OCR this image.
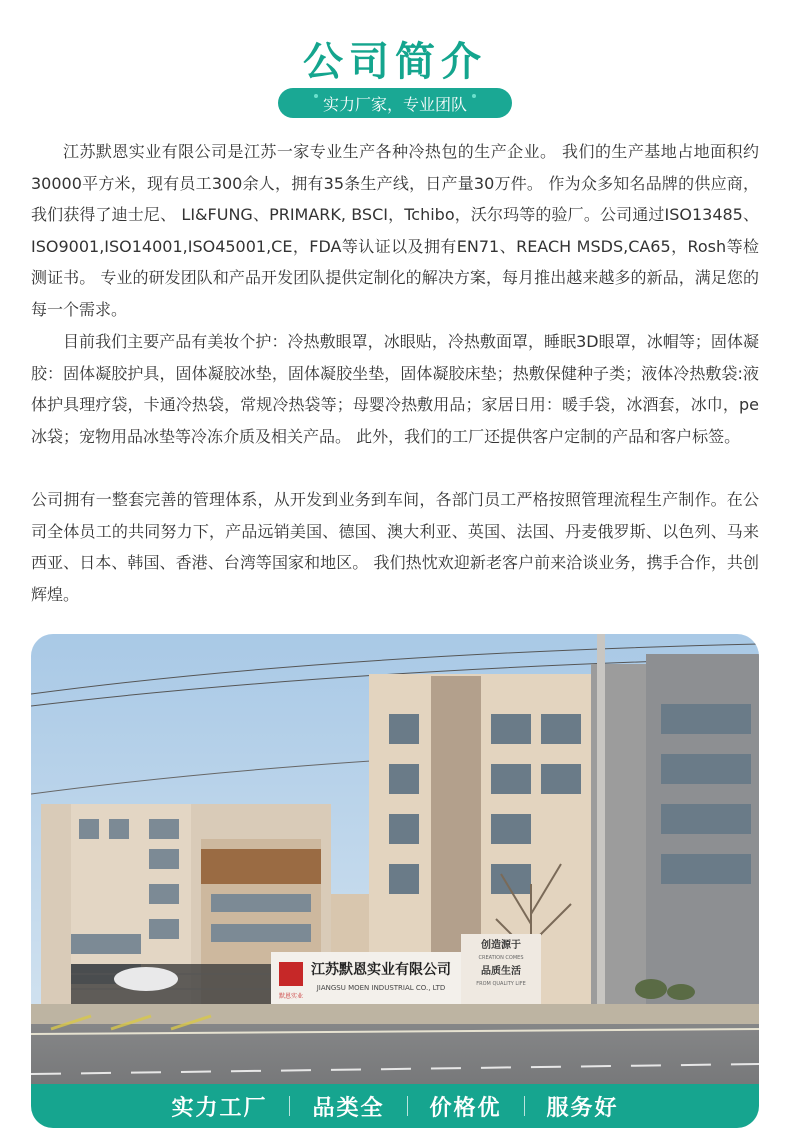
公司简介
实力厂家，专业团队

江苏默恩实业有限公司是江苏一家专业生产各种冷热包的生产企业。 我们的生产基地占地面积约30000平方米，现有员工300余人，拥有35条生产线，日产量30万件。 作为众多知名品牌的供应商，我们获得了迪士尼、 LI&FUNG、PRIMARK, BSCI，Tchibo，沃尔玛等的验厂。公司通过ISO13485、ISO9001,ISO14001,ISO45001,CE，FDA等认证以及拥有EN71、REACH MSDS,CA65，Rosh等检测证书。 专业的研发团队和产品开发团队提供定制化的解决方案，每月推出越来越多的新品，满足您的每一个需求。

目前我们主要产品有美妆个护：冷热敷眼罩，冰眼贴，冷热敷面罩，睡眠3D眼罩，冰帽等；固体凝胶：固体凝胶护具，固体凝胶冰垫，固体凝胶坐垫，固体凝胶床垫；热敷保健种子类；液体冷热敷袋:液体护具理疗袋，卡通冷热袋，常规冷热袋等；母婴冷热敷用品；家居日用：暖手袋，冰酒套，冰巾，pe冰袋；宠物用品冰垫等冷冻介质及相关产品。 此外，我们的工厂还提供客户定制的产品和客户标签。

公司拥有一整套完善的管理体系，从开发到业务到车间，各部门员工严格按照管理流程生产制作。在公司全体员工的共同努力下，产品远销美国、德国、澳大利亚、英国、法国、丹麦俄罗斯、以色列、马来西亚、日本、韩国、香港、台湾等国家和地区。 我们热忱欢迎新老客户前来洽谈业务，携手合作，共创辉煌。

默恩实业
江苏默恩实业有限公司
JIANGSU MOEN INDUSTRIAL CO., LTD
创造源于
CREATION COMES
品质生活
FROM QUALITY LIFE
实力工厂	品类全	价格优	服务好
